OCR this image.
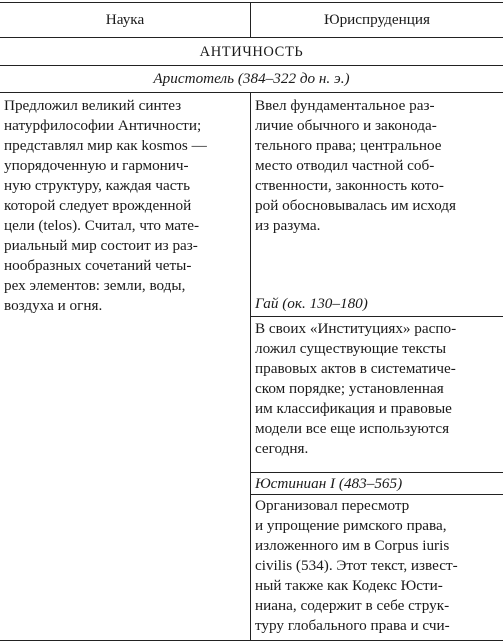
Наука	Юриспруденция
АНТИЧНОСТЬ
Аристотель (384–322 до н. э.)
Предложил великий синтез
натурфилософии Античности;
представлял мир как kosmos —
упорядоченную и гармонич-
ную структуру, каждая часть
которой следует врожденной
цели (telos). Считал, что мате-
риальный мир состоит из раз-
нообразных сочетаний четы-
рех элементов: земли, воды,
воздуха и огня.
Ввел фундаментальное раз-
личие обычного и законода-
тельного права; центральное
место отводил частной соб-
ственности, законность кото-
рой обосновывалась им исходя
из разума.
Гай (ок. 130–180)
В своих «Институциях» распо-
ложил существующие тексты
правовых актов в систематиче-
ском порядке; установленная
им классификация и правовые
модели все еще используются
сегодня.
Юстиниан I (483–565)
Организовал пересмотр
и упрощение римского права,
изложенного им в Corpus iuris
civilis (534). Этот текст, извест-
ный также как Кодекс Юсти-
ниана, содержит в себе струк-
туру глобального права и счи-
